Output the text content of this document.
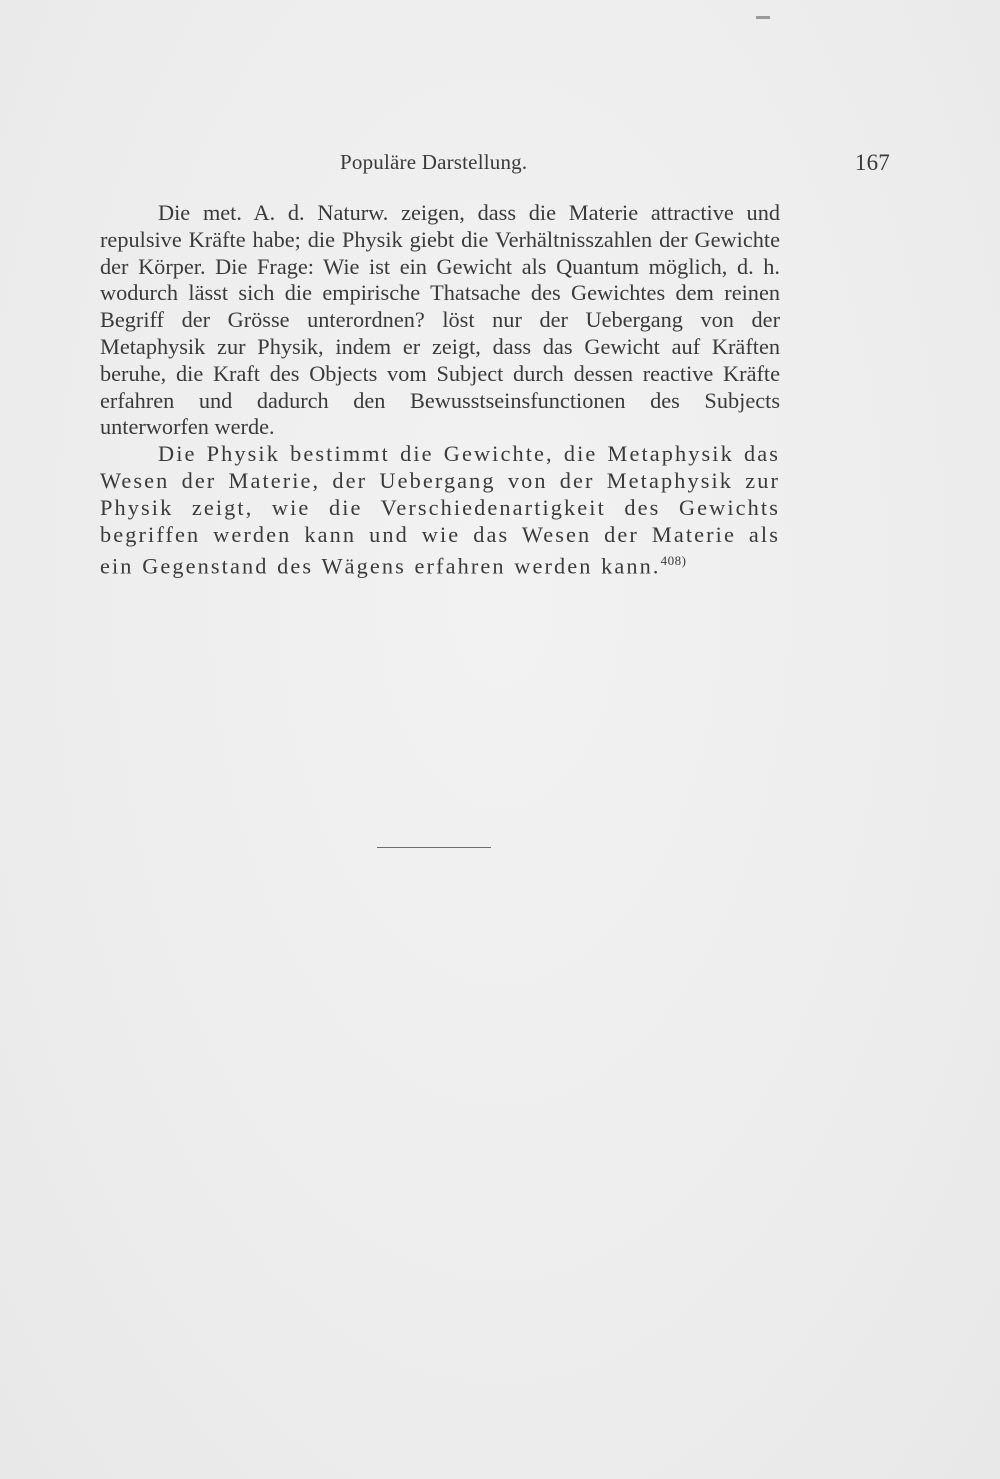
Populäre Darstellung.	167

Die met. A. d. Naturw. zeigen, dass die Materie attractive und repulsive Kräfte habe; die Physik giebt die Verhältnisszahlen der Gewichte der Körper. Die Frage: Wie ist ein Gewicht als Quantum möglich, d. h. wodurch lässt sich die empirische Thatsache des Gewichtes dem reinen Begriff der Grösse unterordnen? löst nur der Uebergang von der Metaphysik zur Physik, indem er zeigt, dass das Gewicht auf Kräften beruhe, die Kraft des Objects vom Subject durch dessen reactive Kräfte erfahren und dadurch den Bewusstseinsfunctionen des Subjects unterworfen werde.

Die Physik bestimmt die Gewichte, die Metaphysik das Wesen der Materie, der Uebergang von der Metaphysik zur Physik zeigt, wie die Verschiedenartigkeit des Gewichts begriffen werden kann und wie das Wesen der Materie als ein Gegenstand des Wägens erfahren werden kann.$^{408)}$
